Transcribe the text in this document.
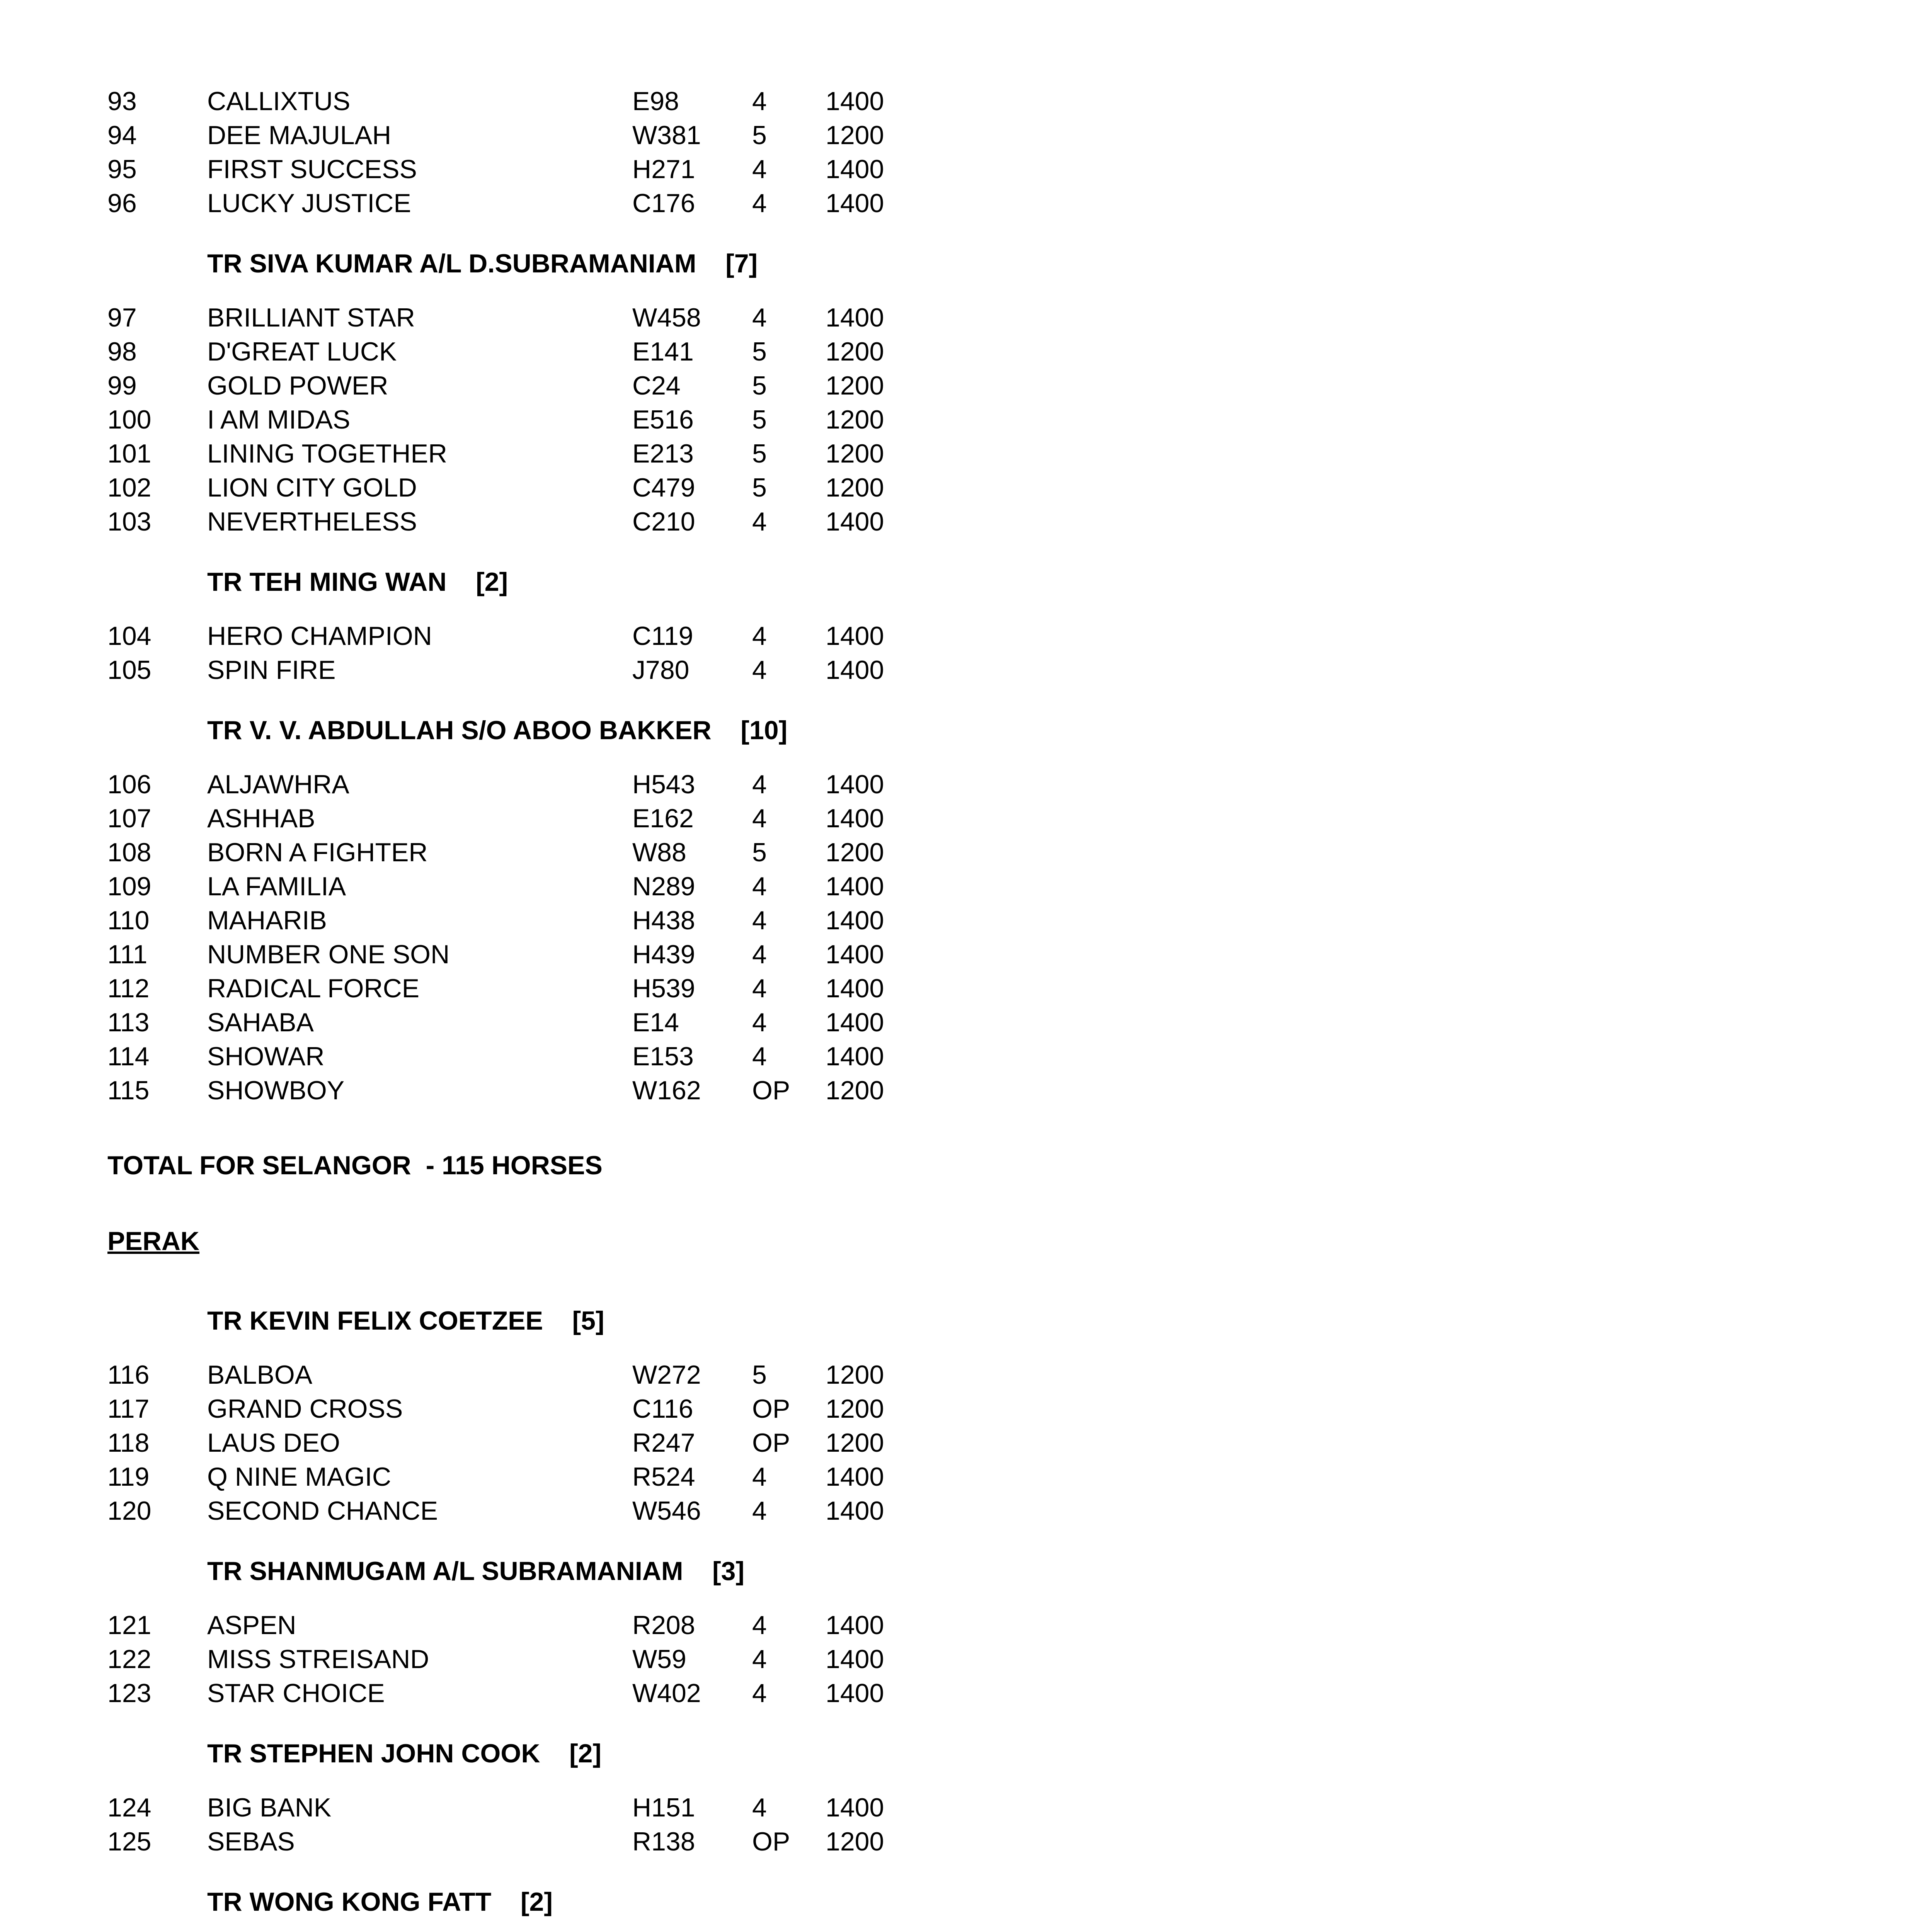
93	CALLIXTUS	E98	4	1400
94	DEE MAJULAH	W381	5	1200
95	FIRST SUCCESS	H271	4	1400
96	LUCKY JUSTICE	C176	4	1400
TR SIVA KUMAR A/L D.SUBRAMANIAM    [7]
97	BRILLIANT STAR	W458	4	1400
98	D'GREAT LUCK	E141	5	1200
99	GOLD POWER	C24	5	1200
100	I AM MIDAS	E516	5	1200
101	LINING TOGETHER	E213	5	1200
102	LION CITY GOLD	C479	5	1200
103	NEVERTHELESS	C210	4	1400
TR TEH MING WAN    [2]
104	HERO CHAMPION	C119	4	1400
105	SPIN FIRE	J780	4	1400
TR V. V. ABDULLAH S/O ABOO BAKKER    [10]
106	ALJAWHRA	H543	4	1400
107	ASHHAB	E162	4	1400
108	BORN A FIGHTER	W88	5	1200
109	LA FAMILIA	N289	4	1400
110	MAHARIB	H438	4	1400
111	NUMBER ONE SON	H439	4	1400
112	RADICAL FORCE	H539	4	1400
113	SAHABA	E14	4	1400
114	SHOWAR	E153	4	1400
115	SHOWBOY	W162	OP	1200
TOTAL FOR SELANGOR  - 115 HORSES
PERAK
TR KEVIN FELIX COETZEE    [5]
116	BALBOA	W272	5	1200
117	GRAND CROSS	C116	OP	1200
118	LAUS DEO	R247	OP	1200
119	Q NINE MAGIC	R524	4	1400
120	SECOND CHANCE	W546	4	1400
TR SHANMUGAM A/L SUBRAMANIAM    [3]
121	ASPEN	R208	4	1400
122	MISS STREISAND	W59	4	1400
123	STAR CHOICE	W402	4	1400
TR STEPHEN JOHN COOK    [2]
124	BIG BANK	H151	4	1400
125	SEBAS	R138	OP	1200
TR WONG KONG FATT    [2]
